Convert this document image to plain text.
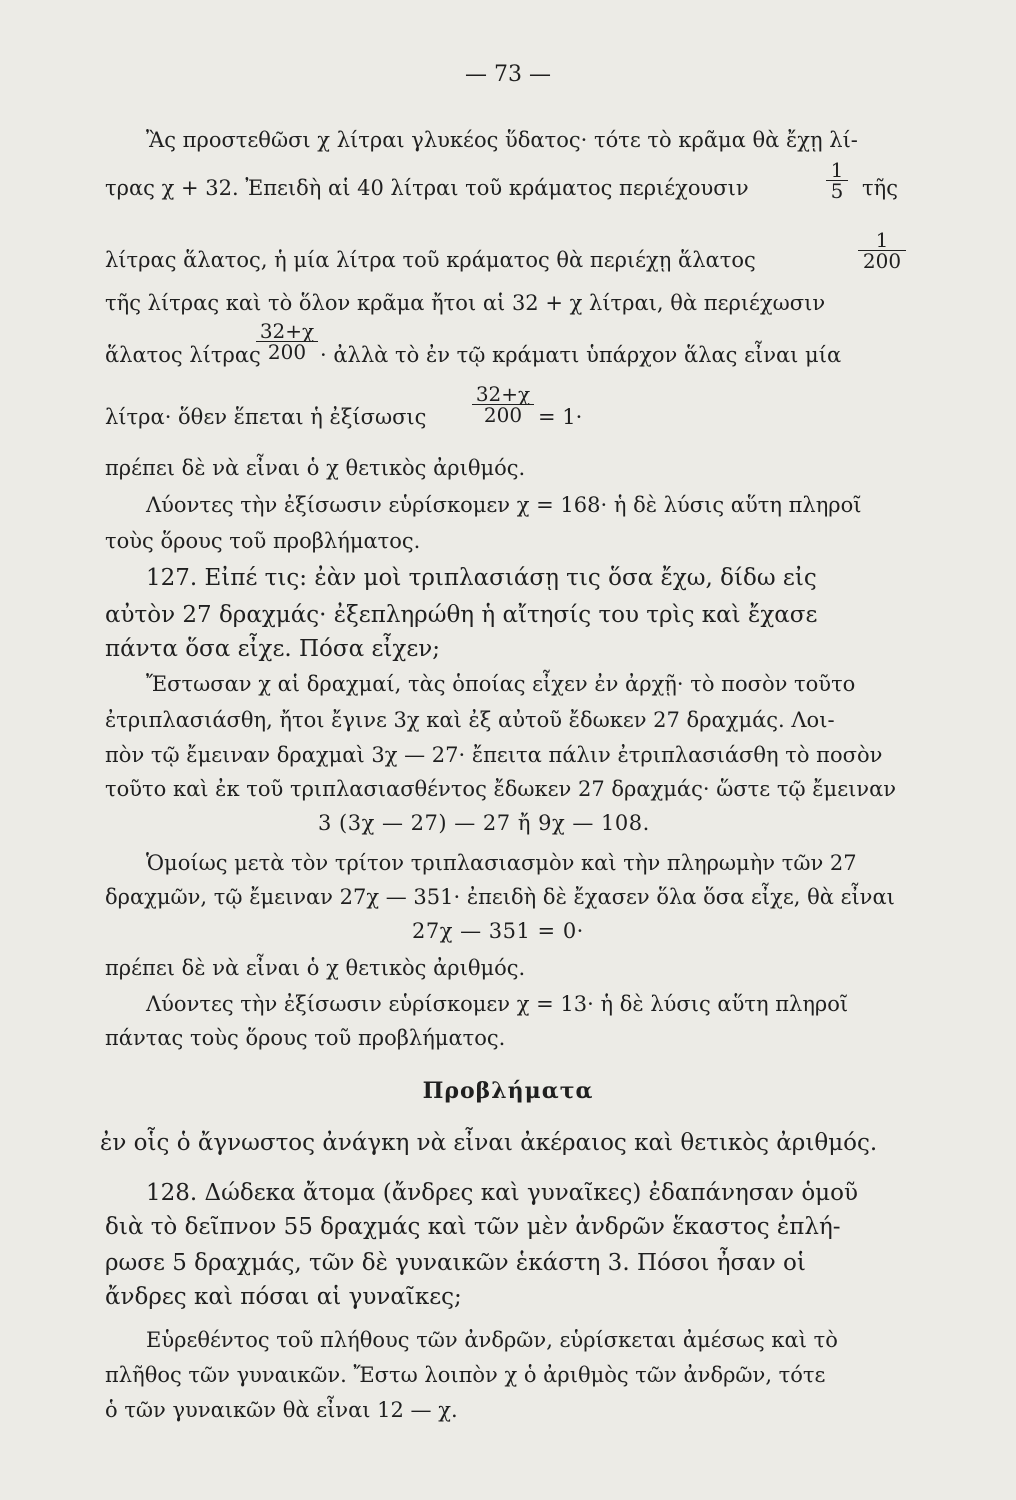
— 73 —
Ἂς προστεθῶσι χ λίτραι γλυκέος ὕδατος· τότε τὸ κρᾶμα θὰ ἔχῃ λί-
$\frac{1}{5}$
τρας χ + 32. Ἐπειδὴ αἱ 40 λίτραι τοῦ κράματος περιέχουσιν	τῆς
$\frac{1}{200}$
λίτρας ἅλατος, ἡ μία λίτρα τοῦ κράματος θὰ περιέχῃ ἅλατος
τῆς λίτρας καὶ τὸ ὅλον κρᾶμα ἤτοι αἱ 32 + χ λίτραι, θὰ περιέχωσιν
ἅλατος λίτρας
$\frac{32+\chi}{200}$ · ἀλλὰ τὸ ἐν τῷ κράματι ὑπάρχον ἅλας εἶναι μία
λίτρα· ὅθεν ἕπεται ἡ ἐξίσωσις $\frac{32+\chi}{200} = 1\cdot$
πρέπει δὲ νὰ εἶναι ὁ χ θετικὸς ἀριθμός.
Λύοντες τὴν ἐξίσωσιν εὑρίσκομεν χ = 168· ἡ δὲ λύσις αὕτη πληροῖ
τοὺς ὅρους τοῦ προβλήματος.
127. Εἰπέ τις: ἐὰν μοὶ τριπλασιάσῃ τις ὅσα ἔχω, δίδω εἰς
αὐτὸν 27 δραχμάς· ἐξεπληρώθη ἡ αἴτησίς του τρὶς καὶ ἔχασε
πάντα ὅσα εἶχε. Πόσα εἶχεν;
Ἔστωσαν χ αἱ δραχμαί, τὰς ὁποίας εἶχεν ἐν ἀρχῇ· τὸ ποσὸν τοῦτο
ἐτριπλασιάσθη, ἤτοι ἔγινε 3χ καὶ ἐξ αὐτοῦ ἔδωκεν 27 δραχμάς. Λοι-
πὸν τῷ ἔμειναν δραχμαὶ 3χ — 27· ἔπειτα πάλιν ἐτριπλασιάσθη τὸ ποσὸν
τοῦτο καὶ ἐκ τοῦ τριπλασιασθέντος ἔδωκεν 27 δραχμάς· ὥστε τῷ ἔμειναν
3 (3χ — 27) — 27 ἤ 9χ — 108.
Ὁμοίως μετὰ τὸν τρίτον τριπλασιασμὸν καὶ τὴν πληρωμὴν τῶν 27
δραχμῶν, τῷ ἔμειναν 27χ — 351· ἐπειδὴ δὲ ἔχασεν ὅλα ὅσα εἶχε, θὰ εἶναι
27χ — 351 = 0·
πρέπει δὲ νὰ εἶναι ὁ χ θετικὸς ἀριθμός.
Λύοντες τὴν ἐξίσωσιν εὑρίσκομεν χ = 13· ἡ δὲ λύσις αὕτη πληροῖ
πάντας τοὺς ὅρους τοῦ προβλήματος.
Προβλήματα
ἐν οἷς ὁ ἄγνωστος ἀνάγκη νὰ εἶναι ἀκέραιος καὶ θετικὸς ἀριθμός.
128. Δώδεκα ἄτομα (ἄνδρες καὶ γυναῖκες) ἐδαπάνησαν ὁμοῦ
διὰ τὸ δεῖπνον 55 δραχμάς καὶ τῶν μὲν ἀνδρῶν ἕκαστος ἐπλή-
ρωσε 5 δραχμάς, τῶν δὲ γυναικῶν ἑκάστη 3. Πόσοι ἦσαν οἱ
ἄνδρες καὶ πόσαι αἱ γυναῖκες;
Εὑρεθέντος τοῦ πλήθους τῶν ἀνδρῶν, εὑρίσκεται ἀμέσως καὶ τὸ
πλῆθος τῶν γυναικῶν. Ἔστω λοιπὸν χ ὁ ἀριθμὸς τῶν ἀνδρῶν, τότε
ὁ τῶν γυναικῶν θὰ εἶναι 12 — χ.
